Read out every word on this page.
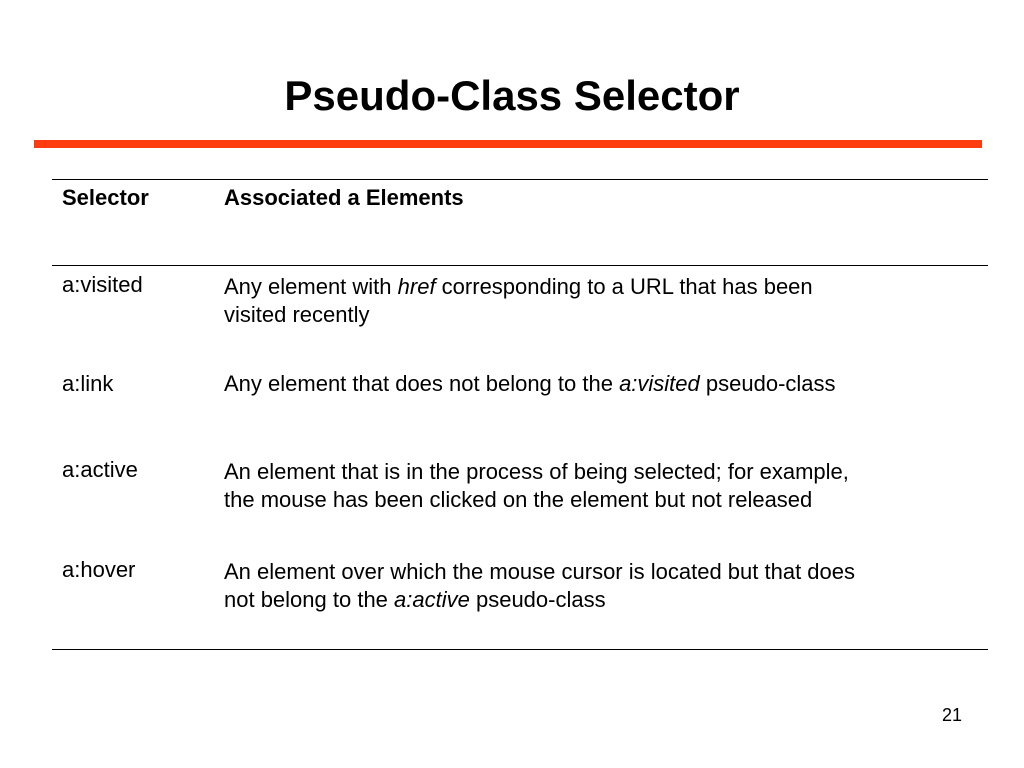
Pseudo-Class Selector
Selector	Associated a Elements
a:visited	Any element with href corresponding to a URL that has been
visited recently
a:link	Any element that does not belong to the a:visited pseudo-class
a:active	An element that is in the process of being selected; for example,
the mouse has been clicked on the element but not released
a:hover	An element over which the mouse cursor is located but that does
not belong to the a:active pseudo-class
21
